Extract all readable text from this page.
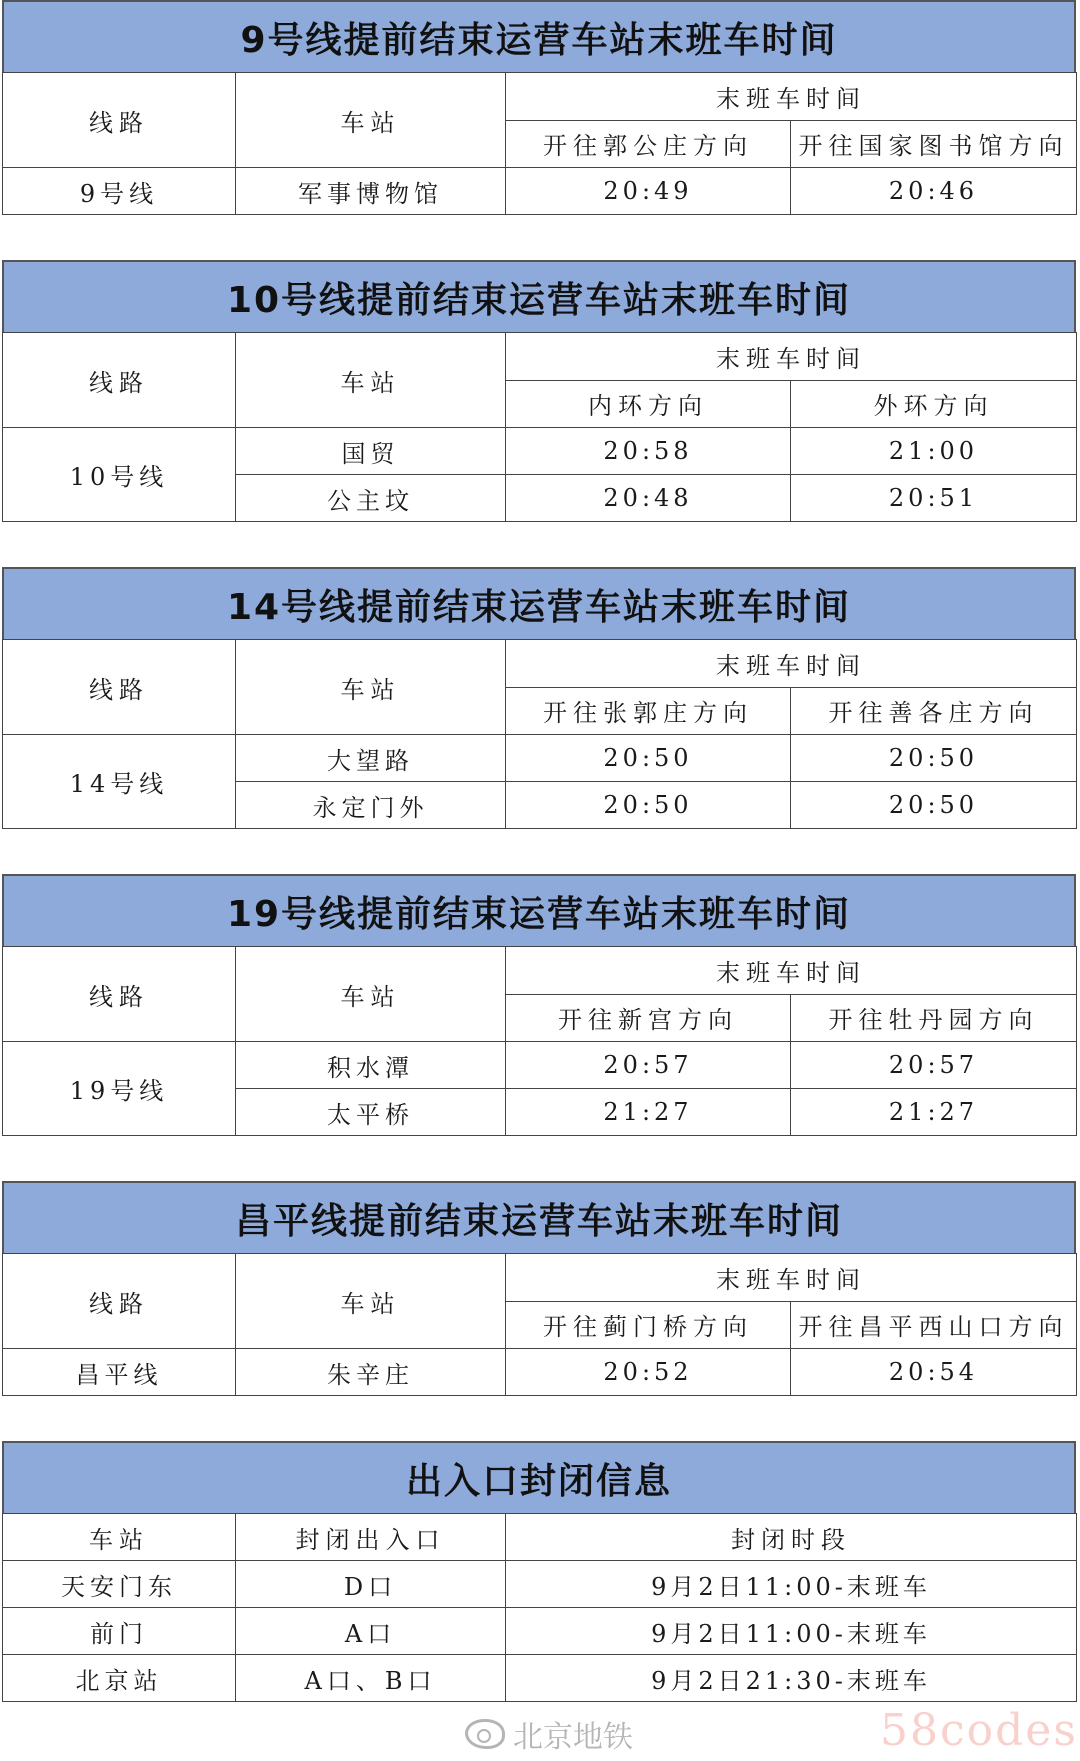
9号线提前结束运营车站末班车时间
线路	车站	末班车时间	
		开往郭公庄方向	开往国家图书馆方向
9号线	军事博物馆	20:49	20:46
10号线提前结束运营车站末班车时间
线路	车站	末班车时间	
		内环方向	外环方向
10号线	国贸	20:58	21:00
	公主坟	20:48	20:51
14号线提前结束运营车站末班车时间
线路	车站	末班车时间	
		开往张郭庄方向	开往善各庄方向
14号线	大望路	20:50	20:50
	永定门外	20:50	20:50
19号线提前结束运营车站末班车时间
线路	车站	末班车时间	
		开往新宫方向	开往牡丹园方向
19号线	积水潭	20:57	20:57
	太平桥	21:27	21:27
昌平线提前结束运营车站末班车时间
线路	车站	末班车时间	
		开往蓟门桥方向	开往昌平西山口方向
昌平线	朱辛庄	20:52	20:54
出入口封闭信息
车站	封闭出入口	封闭时段
天安门东	D口	9月2日11:00-末班车
前门	A口	9月2日11:00-末班车
北京站	A口、B口	9月2日21:30-末班车
北京地铁	58codes
